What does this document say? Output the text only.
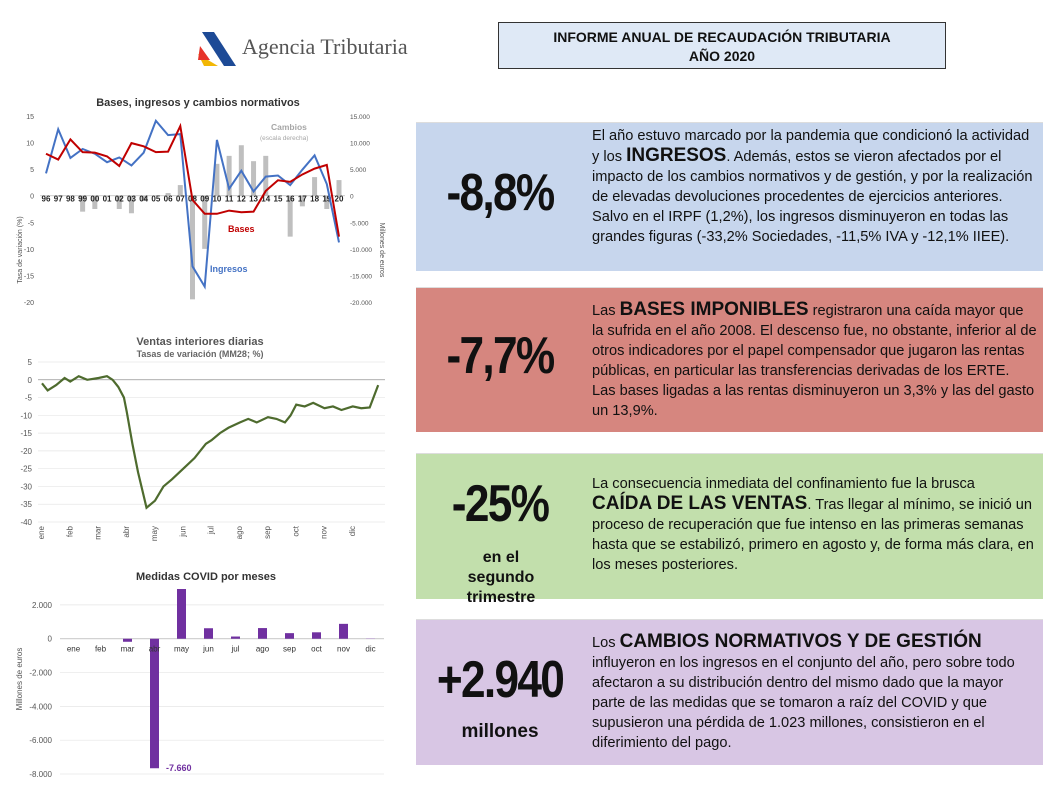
Agencia Tributaria	INFORME ANUAL DE RECAUDACIÓN TRIBUTARIA
AÑO 2020
Bases, ingresos y cambios normativos
Tasa de variación (%)	Millones de euros
15	15.000
10	10.000
5	5.000
0	0
-5	-5.000
-10	-10.000
-15	-15.000
-20	-20.000
96 97 98 99 00 01 02 03 04 05 06 07 08 09 10 11 12 13 14 15 16 17 18 19 20
Cambios
(escala derecha)
Ingresos
Bases
Ventas interiores diarias
Tasas de variación (MM28; %)
5
0
-5
-10
-15
-20
-25
-30
-35
-40
ene feb mar abr may jun jul ago sep oct nov dic
Medidas COVID por meses
Millones de euros
2.000
0
-2.000
-4.000
-6.000
-8.000
ene feb mar abr may jun jul ago sep oct nov dic
-7.660
-8,8%
El año estuvo marcado por la pandemia que condicionó la actividad y los INGRESOS. Además, estos se vieron afectados por el impacto de los cambios normativos y de gestión, y por la realización de elevadas devoluciones procedentes de ejercicios anteriores. Salvo en el IRPF (1,2%), los ingresos disminuyeron en todas las grandes figuras (-33,2% Sociedades, -11,5% IVA y -12,1% IIEE).
-7,7%
Las BASES IMPONIBLES registraron una caída mayor que la sufrida en el año 2008. El descenso fue, no obstante, inferior al de otros indicadores por el papel compensador que jugaron las rentas públicas, en particular las transferencias derivadas de los ERTE. Las bases ligadas a las rentas disminuyeron un 3,3% y las del gasto un 13,9%.
-25%
en el segundo trimestre
La consecuencia inmediata del confinamiento fue la brusca CAÍDA DE LAS VENTAS. Tras llegar al mínimo, se inició un proceso de recuperación que fue intenso en las primeras semanas hasta que se estabilizó, primero en agosto y, de forma más clara, en los meses posteriores.
+2.940
millones
Los CAMBIOS NORMATIVOS Y DE GESTIÓN influyeron en los ingresos en el conjunto del año, pero sobre todo afectaron a su distribución dentro del mismo dado que la mayor parte de las medidas que se tomaron a raíz del COVID y que supusieron una pérdida de 1.023 millones, consistieron en el diferimiento del pago.
